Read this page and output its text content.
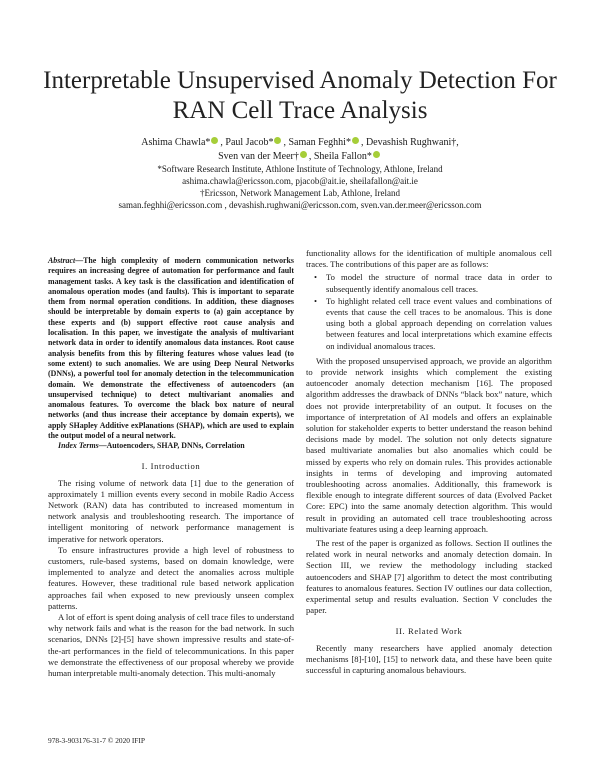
Interpretable Unsupervised Anomaly Detection For
RAN Cell Trace Analysis
Ashima Chawla* , Paul Jacob* , Saman Feghhi* , Devashish Rughwani†,
Sven van der Meer† , Sheila Fallon*
*Software Research Institute, Athlone Institute of Technology, Athlone, Ireland
ashima.chawla@ericsson.com, pjacob@ait.ie, sheilafallon@ait.ie
†Ericsson, Network Management Lab, Athlone, Ireland
saman.feghhi@ericsson.com , devashish.rughwani@ericsson.com, sven.van.der.meer@ericsson.com

Abstract—The high complexity of modern communication networks requires an increasing degree of automation for performance and fault management tasks. A key task is the classification and identification of anomalous operation modes (and faults). This is important to separate them from normal operation conditions. In addition, these diagnoses should be interpretable by domain experts to (a) gain acceptance by these experts and (b) support effective root cause analysis and localisation. In this paper, we investigate the analysis of multivariant network data in order to identify anomalous data instances. Root cause analysis benefits from this by filtering features whose values lead (to some extent) to such anomalies. We are using Deep Neural Networks (DNNs), a powerful tool for anomaly detection in the telecommunication domain. We demonstrate the effectiveness of autoencoders (an unsupervised technique) to detect multivariant anomalies and anomalous features. To overcome the black box nature of neural networks (and thus increase their acceptance by domain experts), we apply SHapley Additive exPlanations (SHAP), which are used to explain the output model of a neural network.

Index Terms—Autoencoders, SHAP, DNNs, Correlation

I. Introduction

The rising volume of network data [1] due to the generation of approximately 1 million events every second in mobile Radio Access Network (RAN) data has contributed to increased momentum in network analysis and troubleshooting research. The importance of intelligent monitoring of network performance management is imperative for network operators.

To ensure infrastructures provide a high level of robustness to customers, rule-based systems, based on domain knowledge, were implemented to analyze and detect the anomalies across multiple features. However, these traditional rule based network application approaches fail when exposed to new previously unseen complex patterns.

A lot of effort is spent doing analysis of cell trace files to understand why network fails and what is the reason for the bad network. In such scenarios, DNNs [2]-[5] have shown impressive results and state-of-the-art performances in the field of telecommunications. In this paper we demonstrate the effectiveness of our proposal whereby we provide human interpretable multi-anomaly detection. This multi-anomaly

functionality allows for the identification of multiple anomalous cell traces. The contributions of this paper are as follows:

• To model the structure of normal trace data in order to subsequently identify anomalous cell traces.
• To highlight related cell trace event values and combinations of events that cause the cell traces to be anomalous. This is done using both a global approach depending on correlation values between features and local interpretations which examine effects on individual anomalous traces.

With the proposed unsupervised approach, we provide an algorithm to provide network insights which complement the existing autoencoder anomaly detection mechanism [16]. The proposed algorithm addresses the drawback of DNNs “black box” nature, which does not provide interpretability of an output. It focuses on the importance of interpretation of AI models and offers an explainable solution for stakeholder experts to better understand the reason behind decisions made by model. The solution not only detects signature based multivariate anomalies but also anomalies which could be missed by experts who rely on domain rules. This provides actionable insights in terms of developing and improving automated troubleshooting across anomalies. Additionally, this framework is flexible enough to integrate different sources of data (Evolved Packet Core: EPC) into the same anomaly detection algorithm. This would result in providing an automated cell trace troubleshooting across multivariate features using a deep learning approach.

The rest of the paper is organized as follows. Section II outlines the related work in neural networks and anomaly detection domain. In Section III, we review the methodology including stacked autoencoders and SHAP [7] algorithm to detect the most contributing features to anomalous features. Section IV outlines our data collection, experimental setup and results evaluation. Section V concludes the paper.

II. Related Work

Recently many researchers have applied anomaly detection mechanisms [8]-[10], [15] to network data, and these have been quite successful in capturing anomalous behaviours.

978-3-903176-31-7 © 2020 IFIP
